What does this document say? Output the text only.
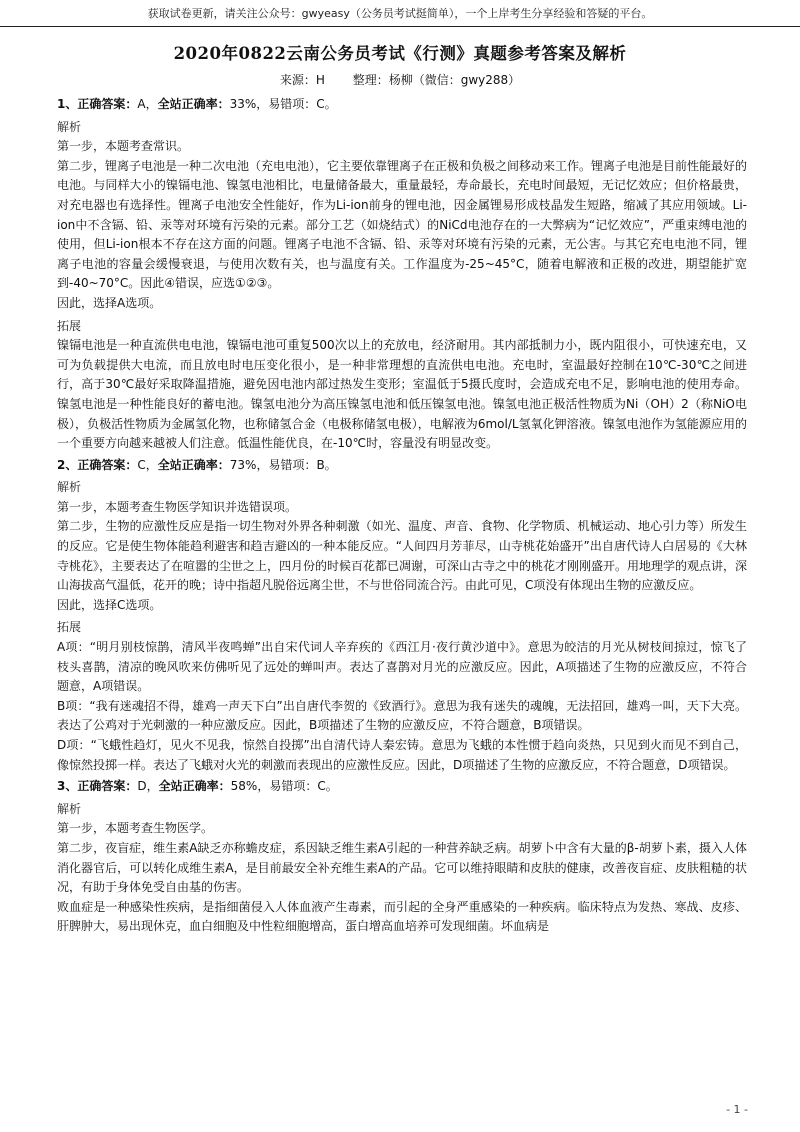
获取试卷更新，请关注公众号：gwyeasy（公务员考试挺简单），一个上岸考生分享经验和答疑的平台。
2020年0822云南公务员考试《行测》真题参考答案及解析
来源：H 整理：杨柳（微信：gwy288）

1、正确答案：A，全站正确率：33%，易错项：C。

解析

第一步，本题考查常识。

第二步，锂离子电池是一种二次电池（充电电池），它主要依靠锂离子在正极和负极之间移动来工作。锂离子电池是目前性能最好的电池。与同样大小的镍镉电池、镍氢电池相比，电量储备最大，重量最轻，寿命最长，充电时间最短，无记忆效应；但价格最贵，对充电器也有选择性。锂离子电池安全性能好，作为Li-ion前身的锂电池，因金属锂易形成枝晶发生短路，缩减了其应用领域。Li-ion中不含镉、铅、汞等对环境有污染的元素。部分工艺（如烧结式）的NiCd电池存在的一大弊病为“记忆效应”，严重束缚电池的使用，但Li-ion根本不存在这方面的问题。锂离子电池不含镉、铅、汞等对环境有污染的元素，无公害。与其它充电电池不同，锂离子电池的容量会缓慢衰退，与使用次数有关，也与温度有关。工作温度为-25~45°C，随着电解液和正极的改进，期望能扩宽到-40~70°C。因此④错误，应选①②③。

因此，选择A选项。

拓展

镍镉电池是一种直流供电电池，镍镉电池可重复500次以上的充放电，经济耐用。其内部抵制力小，既内阻很小，可快速充电，又可为负载提供大电流，而且放电时电压变化很小，是一种非常理想的直流供电电池。充电时，室温最好控制在10℃-30℃之间进行，高于30℃最好采取降温措施，避免因电池内部过热发生变形；室温低于5摄氏度时，会造成充电不足，影响电池的使用寿命。镍氢电池是一种性能良好的蓄电池。镍氢电池分为高压镍氢电池和低压镍氢电池。镍氢电池正极活性物质为Ni（OH）2（称NiO电极），负极活性物质为金属氢化物，也称储氢合金（电极称储氢电极），电解液为6mol/L氢氧化钾溶液。镍氢电池作为氢能源应用的一个重要方向越来越被人们注意。低温性能优良，在-10℃时，容量没有明显改变。

2、正确答案：C，全站正确率：73%，易错项：B。

解析

第一步，本题考查生物医学知识并选错误项。

第二步，生物的应激性反应是指一切生物对外界各种刺激（如光、温度、声音、食物、化学物质、机械运动、地心引力等）所发生的反应。它是使生物体能趋利避害和趋吉避凶的一种本能反应。“人间四月芳菲尽，山寺桃花始盛开”出自唐代诗人白居易的《大林寺桃花》，主要表达了在喧嚣的尘世之上，四月份的时候百花都已凋谢，可深山古寺之中的桃花才刚刚盛开。用地理学的观点讲，深山海拔高气温低，花开的晚；诗中指超凡脱俗远离尘世，不与世俗同流合污。由此可见，C项没有体现出生物的应激反应。

因此，选择C选项。

拓展

A项：“明月别枝惊鹊，清风半夜鸣蝉”出自宋代词人辛弃疾的《西江月·夜行黄沙道中》。意思为皎洁的月光从树枝间掠过，惊飞了枝头喜鹊，清凉的晚风吹来仿佛听见了远处的蝉叫声。表达了喜鹊对月光的应激反应。因此，A项描述了生物的应激反应，不符合题意，A项错误。

B项：“我有迷魂招不得，雄鸡一声天下白”出自唐代李贺的《致酒行》。意思为我有迷失的魂魄，无法招回，雄鸡一叫，天下大亮。表达了公鸡对于光刺激的一种应激反应。因此，B项描述了生物的应激反应，不符合题意，B项错误。

D项：“飞蛾性趋灯，见火不见我，惊然自投掷”出自清代诗人秦宏铸。意思为飞蛾的本性惯于趋向炎热，只见到火而见不到自己，像惊然投掷一样。表达了飞蛾对火光的刺激而表现出的应激性反应。因此，D项描述了生物的应激反应，不符合题意，D项错误。

3、正确答案：D，全站正确率：58%，易错项：C。

解析

第一步，本题考查生物医学。

第二步，夜盲症，维生素A缺乏亦称蟾皮症，系因缺乏维生素A引起的一种营养缺乏病。胡萝卜中含有大量的β-胡萝卜素，摄入人体消化器官后，可以转化成维生素A，是目前最安全补充维生素A的产品。它可以维持眼睛和皮肤的健康，改善夜盲症、皮肤粗糙的状况，有助于身体免受自由基的伤害。

败血症是一种感染性疾病，是指细菌侵入人体血液产生毒素，而引起的全身严重感染的一种疾病。临床特点为发热、寒战、皮疹、肝脾肿大，易出现休克，血白细胞及中性粒细胞增高，蛋白增高血培养可发现细菌。坏血病是

- 1 -
